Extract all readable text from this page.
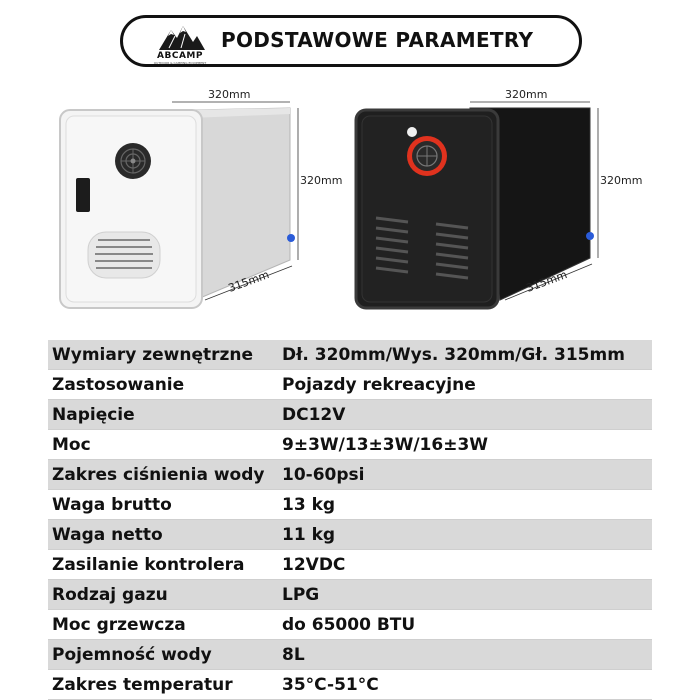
ABCAMP
OUTDOOR & CAMPING EQUIPMENT
PODSTAWOWE PARAMETRY
320mm
320mm
315mm
320mm
320mm
315mm
Wymiary zewnętrzne	Dł. 320mm/Wys. 320mm/Gł. 315mm
Zastosowanie	Pojazdy rekreacyjne
Napięcie	DC12V
Moc	9±3W/13±3W/16±3W
Zakres ciśnienia wody	10-60psi
Waga brutto	13 kg
Waga netto	11 kg
Zasilanie kontrolera	12VDC
Rodzaj gazu	LPG
Moc grzewcza	do 65000 BTU
Pojemność wody	8L
Zakres temperatur	35°C-51°C
